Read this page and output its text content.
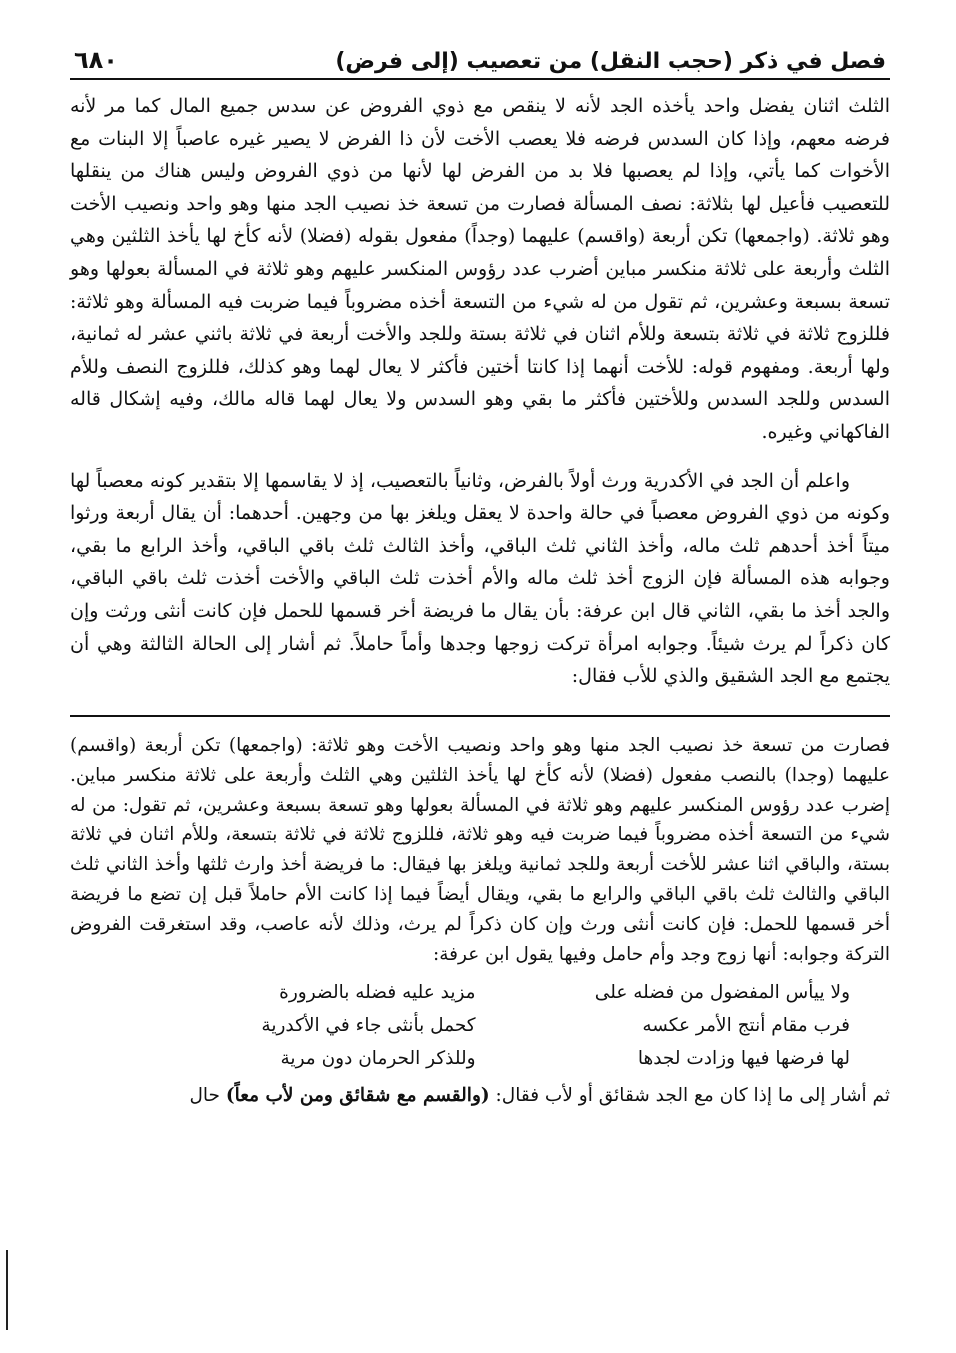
فصل في ذكر (حجب النقل) من تعصيب (إلى فرض)
٦٨٠

الثلث اثنان يفضل واحد يأخذه الجد لأنه لا ينقص مع ذوي الفروض عن سدس جميع المال كما مر لأنه فرضه معهم، وإذا كان السدس فرضه فلا يعصب الأخت لأن ذا الفرض لا يصير غيره عاصباً إلا البنات مع الأخوات كما يأتي، وإذا لم يعصبها فلا بد من الفرض لها لأنها من ذوي الفروض وليس هناك من ينقلها للتعصيب فأعيل لها بثلاثة: نصف المسألة فصارت من تسعة خذ نصيب الجد منها وهو واحد ونصيب الأخت وهو ثلاثة. (واجمعها) تكن أربعة (واقسم) عليهما (وجداً) مفعول بقوله (فضلا) لأنه كأخ لها يأخذ الثلثين وهي الثلث وأربعة على ثلاثة منكسر مباين أضرب عدد رؤوس المنكسر عليهم وهو ثلاثة في المسألة بعولها وهو تسعة بسبعة وعشرين، ثم تقول من له شيء من التسعة أخذه مضروباً فيما ضربت فيه المسألة وهو ثلاثة: فللزوج ثلاثة في ثلاثة بتسعة وللأم اثنان في ثلاثة بستة وللجد والأخت أربعة في ثلاثة باثني عشر له ثمانية، ولها أربعة. ومفهوم قوله: للأخت أنهما إذا كانتا أختين فأكثر لا يعال لهما وهو كذلك، فللزوج النصف وللأم السدس وللجد السدس وللأختين فأكثر ما بقي وهو السدس ولا يعال لهما قاله مالك، وفيه إشكال قاله الفاكهاني وغيره.

واعلم أن الجد في الأكدرية ورث أولاً بالفرض، وثانياً بالتعصيب، إذ لا يقاسمها إلا بتقدير كونه معصباً لها وكونه من ذوي الفروض معصباً في حالة واحدة لا يعقل ويلغز بها من وجهين. أحدهما: أن يقال أربعة ورثوا ميتاً أخذ أحدهم ثلث ماله، وأخذ الثاني ثلث الباقي، وأخذ الثالث ثلث باقي الباقي، وأخذ الرابع ما بقي، وجوابه هذه المسألة فإن الزوج أخذ ثلث ماله والأم أخذت ثلث الباقي والأخت أخذت ثلث باقي الباقي، والجد أخذ ما بقي، الثاني قال ابن عرفة: بأن يقال ما فريضة أخر قسمها للحمل فإن كانت أنثى ورثت وإن كان ذكراً لم يرث شيئاً. وجوابه امرأة تركت زوجها وجدها وأماً حاملاً. ثم أشار إلى الحالة الثالثة وهي أن يجتمع مع الجد الشقيق والذي للأب فقال:

فصارت من تسعة خذ نصيب الجد منها وهو واحد ونصيب الأخت وهو ثلاثة: (واجمعها) تكن أربعة (واقسم) عليهما (وجدا) بالنصب مفعول (فضلا) لأنه كأخ لها يأخذ الثلثين وهي الثلث وأربعة على ثلاثة منكسر مباين. إضرب عدد رؤوس المنكسر عليهم وهو ثلاثة في المسألة بعولها وهو تسعة بسبعة وعشرين، ثم تقول: من له شيء من التسعة أخذه مضروباً فيما ضربت فيه وهو ثلاثة، فللزوج ثلاثة في ثلاثة بتسعة، وللأم اثنان في ثلاثة بستة، والباقي اثنا عشر للأخت أربعة وللجد ثمانية ويلغز بها فيقال: ما فريضة أخذ وارث ثلثها وأخذ الثاني ثلث الباقي والثالث ثلث باقي الباقي والرابع ما بقي، ويقال أيضاً فيما إذا كانت الأم حاملاً قبل إن تضع ما فريضة أخر قسمها للحمل: فإن كانت أنثى ورث وإن كان ذكراً لم يرث، وذلك لأنه عاصب، وقد استغرقت الفروض التركة وجوابه: أنها زوج وجد وأم حامل وفيها يقول ابن عرفة:

ولا ييأس المفضول من فضله على
مزيد عليه فضله بالضرورة
فرب مقام أنتج الأمر عكسه
كحمل بأنثى جاء في الأكدرية
لها فرضها فيها وزادت لجدها
وللذكر الحرمان دون مرية

ثم أشار إلى ما إذا كان مع الجد شقائق أو لأب فقال: (والقسم مع شقائق ومن لأب معاً) حال
